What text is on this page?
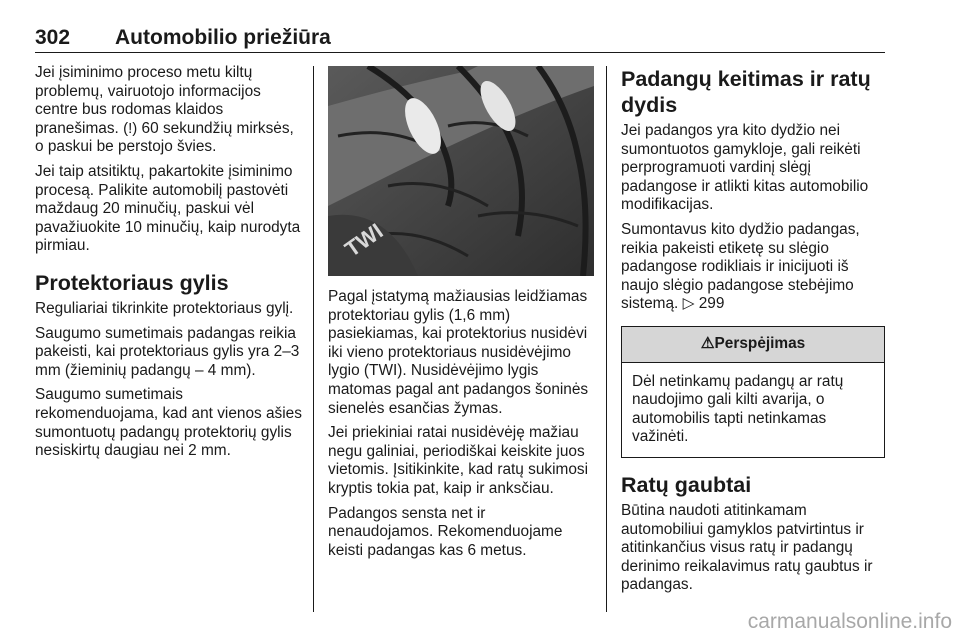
302 Automobilio priežiūra

Jei įsiminimo proceso metu kiltų problemų, vairuotojo informacijos centre bus rodomas klaidos pranešimas. (!) 60 sekundžių mirksės, o paskui be perstojo švies.

Jei taip atsitiktų, pakartokite įsiminimo procesą. Palikite automobilį pastovėti maždaug 20 minučių, paskui vėl pavažiuokite 10 minučių, kaip nurodyta pirmiau.

Protektoriaus gylis

Reguliariai tikrinkite protektoriaus gylį.

Saugumo sumetimais padangas reikia pakeisti, kai protektoriaus gylis yra 2–3 mm (žieminių padangų – 4 mm).

Saugumo sumetimais rekomenduojama, kad ant vienos ašies sumontuotų padangų protektorių gylis nesiskirtų daugiau nei 2 mm.

TWI

Pagal įstatymą mažiausias leidžiamas protektoriau gylis (1,6 mm) pasiekiamas, kai protektorius nusidėvi iki vieno protektoriaus nusidėvėjimo lygio (TWI). Nusidėvėjimo lygis matomas pagal ant padangos šoninės sienelės esančias žymas.

Jei priekiniai ratai nusidėvėję mažiau negu galiniai, periodiškai keiskite juos vietomis. Įsitikinkite, kad ratų sukimosi kryptis tokia pat, kaip ir anksčiau.

Padangos sensta net ir nenaudojamos. Rekomenduojame keisti padangas kas 6 metus.

Padangų keitimas ir ratų dydis

Jei padangos yra kito dydžio nei sumontuotos gamykloje, gali reikėti perprogramuoti vardinį slėgį padangose ir atlikti kitas automobilio modifikacijas.

Sumontavus kito dydžio padangas, reikia pakeisti etiketę su slėgio padangose rodikliais ir inicijuoti iš naujo slėgio padangose stebėjimo sistemą. ▷ 299

⚠Perspėjimas
Dėl netinkamų padangų ar ratų naudojimo gali kilti avarija, o automobilis tapti netinkamas važinėti.
Ratų gaubtai

Būtina naudoti atitinkamam automobiliui gamyklos patvirtintus ir atitinkančius visus ratų ir padangų derinimo reikalavimus ratų gaubtus ir padangas.

carmanualsonline.info
